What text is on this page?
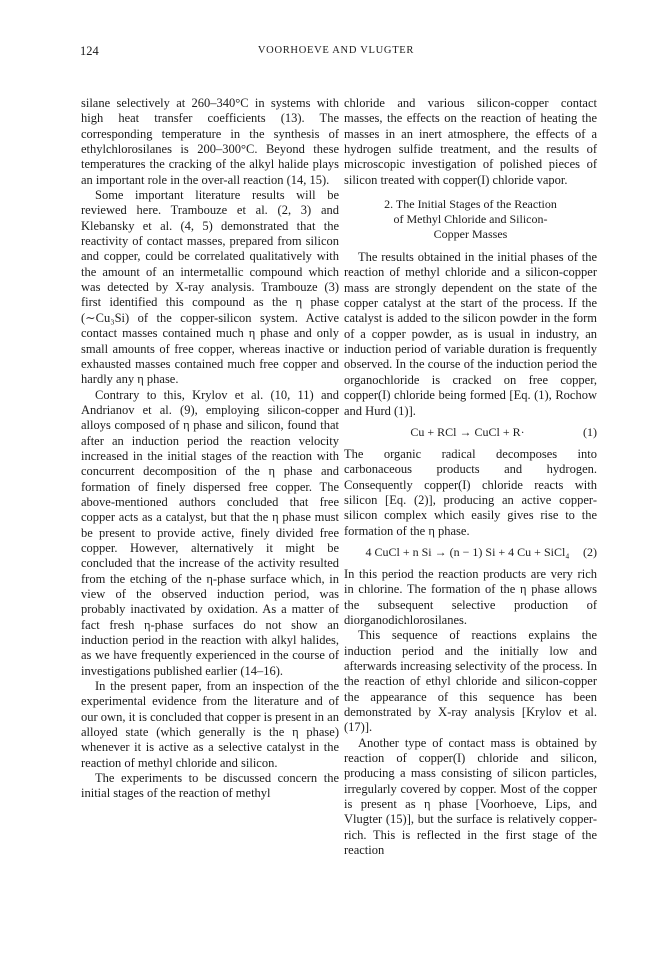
124	VOORHOEVE AND VLUGTER

silane selectively at 260–340°C in systems with high heat transfer coefficients (13). The corresponding temperature in the synthesis of ethylchlorosilanes is 200–300°C. Beyond these temperatures the cracking of the alkyl halide plays an important role in the over-all reaction (14, 15).

Some important literature results will be reviewed here. Trambouze et al. (2, 3) and Klebansky et al. (4, 5) demonstrated that the reactivity of contact masses, prepared from silicon and copper, could be correlated qualitatively with the amount of an intermetallic compound which was detected by X-ray analysis. Trambouze (3) first identified this compound as the η phase (∼Cu₃Si) of the copper-silicon system. Active contact masses contained much η phase and only small amounts of free copper, whereas inactive or exhausted masses contained much free copper and hardly any η phase.

Contrary to this, Krylov et al. (10, 11) and Andrianov et al. (9), employing silicon-copper alloys composed of η phase and silicon, found that after an induction period the reaction velocity increased in the initial stages of the reaction with concurrent decomposition of the η phase and formation of finely dispersed free copper. The above-mentioned authors concluded that free copper acts as a catalyst, but that the η phase must be present to provide active, finely divided free copper. However, alternatively it might be concluded that the increase of the activity resulted from the etching of the η-phase surface which, in view of the observed induction period, was probably inactivated by oxidation. As a matter of fact fresh η-phase surfaces do not show an induction period in the reaction with alkyl halides, as we have frequently experienced in the course of investigations published earlier (14–16).

In the present paper, from an inspection of the experimental evidence from the literature and of our own, it is concluded that copper is present in an alloyed state (which generally is the η phase) whenever it is active as a selective catalyst in the reaction of methyl chloride and silicon.

The experiments to be discussed concern the initial stages of the reaction of methyl

chloride and various silicon-copper contact masses, the effects on the reaction of heating the masses in an inert atmosphere, the effects of a hydrogen sulfide treatment, and the results of microscopic investigation of polished pieces of silicon treated with copper(I) chloride vapor.

2. The Initial Stages of the Reaction
of Methyl Chloride and Silicon-
Copper Masses

The results obtained in the initial phases of the reaction of methyl chloride and a silicon-copper mass are strongly dependent on the state of the copper catalyst at the start of the process. If the catalyst is added to the silicon powder in the form of a copper powder, as is usual in industry, an induction period of variable duration is frequently observed. In the course of the induction period the organochloride is cracked on free copper, copper(I) chloride being formed [Eq. (1), Rochow and Hurd (1)].

Cu + RCl → CuCl + R·	(1)

The organic radical decomposes into carbonaceous products and hydrogen. Consequently copper(I) chloride reacts with silicon [Eq. (2)], producing an active copper-silicon complex which easily gives rise to the formation of the η phase.

4 CuCl + n Si → (n − 1) Si + 4 Cu + SiCl₄	(2)

In this period the reaction products are very rich in chlorine. The formation of the η phase allows the subsequent selective production of diorganodichlorosilanes.

This sequence of reactions explains the induction period and the initially low and afterwards increasing selectivity of the process. In the reaction of ethyl chloride and silicon-copper the appearance of this sequence has been demonstrated by X-ray analysis [Krylov et al. (17)].

Another type of contact mass is obtained by reaction of copper(I) chloride and silicon, producing a mass consisting of silicon particles, irregularly covered by copper. Most of the copper is present as η phase [Voorhoeve, Lips, and Vlugter (15)], but the surface is relatively copper-rich. This is reflected in the first stage of the reaction
